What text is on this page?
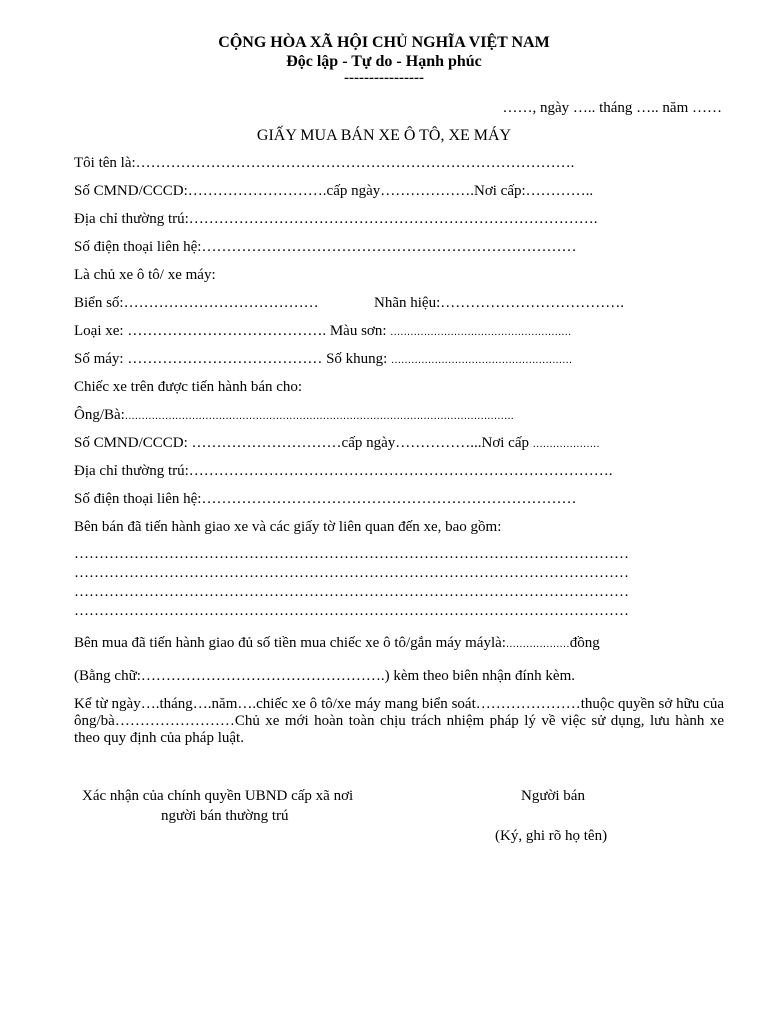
CỘNG HÒA XÃ HỘI CHỦ NGHĨA VIỆT NAM
Độc lập - Tự do - Hạnh phúc
----------------
……, ngày ….. tháng ….. năm ……
GIẤY MUA BÁN XE Ô TÔ, XE MÁY
Tôi tên là:…………………………………………………………………………….
Số CMND/CCCD:……………………….cấp ngày……………….Nơi cấp:…………..
Địa chỉ thường trú:……………………………………………………………………….
Số điện thoại liên hệ:…………………………………………………………………
Là chủ xe ô tô/ xe máy:
Biển số:…………………………………	Nhãn hiệu:……………………………….
Loại xe: …………………………………. Màu sơn: ......................................................
Số máy: ………………………………… Số khung: ......................................................
Chiếc xe trên được tiến hành bán cho:
Ông/Bà:....................................................................................................................
Số CMND/CCCD: …………………………cấp ngày……………...Nơi cấp ....................
Địa chỉ thường trú:………………………………………………………………………….
Số điện thoại liên hệ:…………………………………………………………………
Bên bán đã tiến hành giao xe và các giấy tờ liên quan đến xe, bao gồm:
…………………………………………………………………………………………………
…………………………………………………………………………………………………
…………………………………………………………………………………………………
…………………………………………………………………………………………………
Bên mua đã tiến hành giao đủ số tiền mua chiếc xe ô tô/gắn máy máylà:...................đồng
(Bằng chữ:………………………………………….) kèm theo biên nhận đính kèm.
Kể từ ngày….tháng….năm….chiếc xe ô tô/xe máy mang biển soát…………………thuộc quyền sở hữu của ông/bà……………………Chủ xe mới hoàn toàn chịu trách nhiệm pháp lý về việc sử dụng, lưu hành xe theo quy định của pháp luật.
Xác nhận của chính quyền UBND cấp xã nơi
người bán thường trú
Người bán
(Ký, ghi rõ họ tên)
